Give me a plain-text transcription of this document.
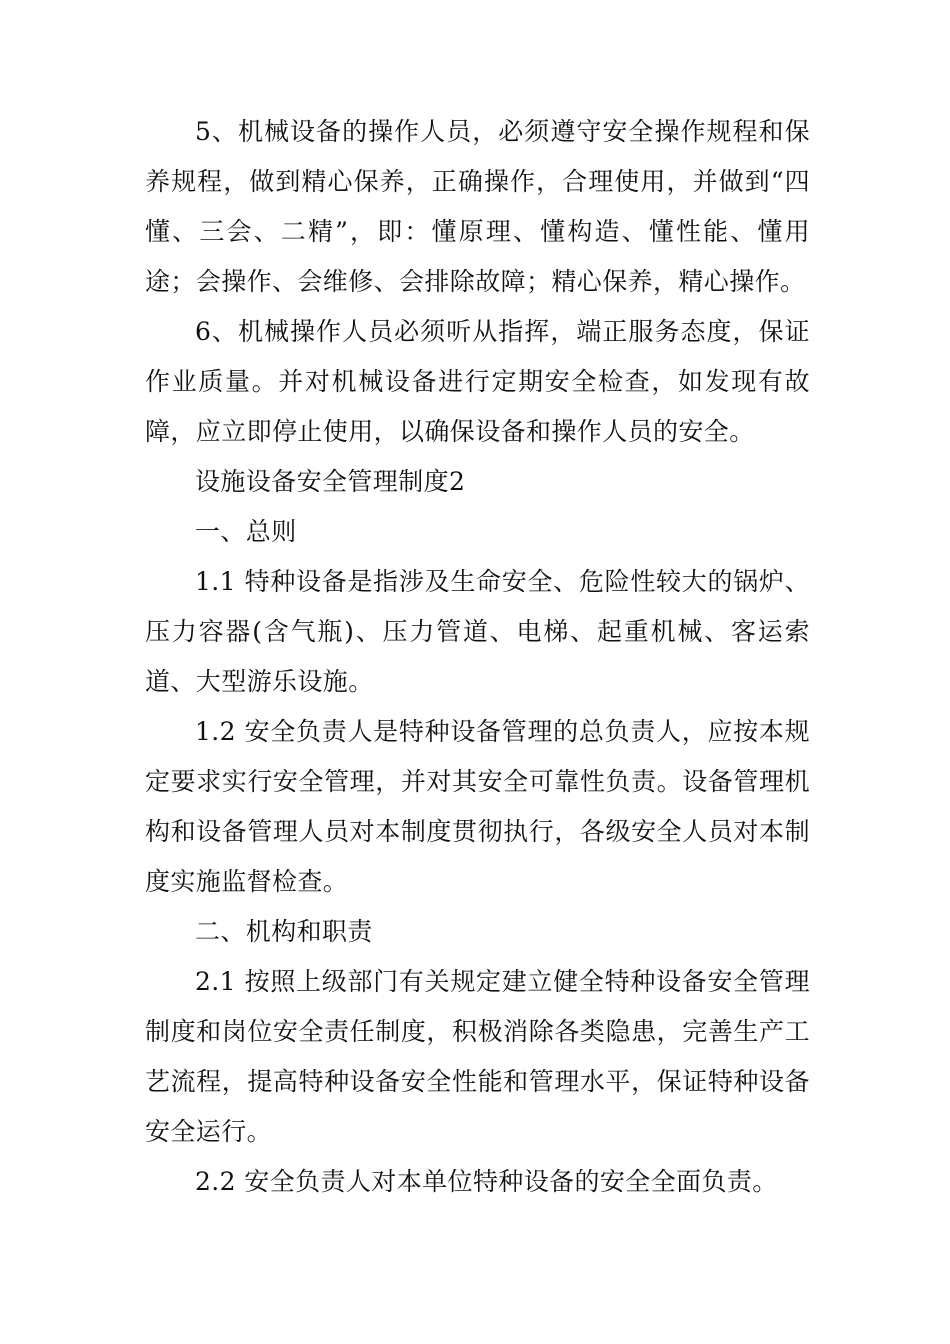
5、机械设备的操作人员，必须遵守安全操作规程和保养规程，做到精心保养，正确操作，合理使用，并做到“四懂、三会、二精”，即：懂原理、懂构造、懂性能、懂用途；会操作、会维修、会排除故障；精心保养，精心操作。

6、机械操作人员必须听从指挥，端正服务态度，保证作业质量。并对机械设备进行定期安全检查，如发现有故障，应立即停止使用，以确保设备和操作人员的安全。

设施设备安全管理制度2

一、总则

1.1 特种设备是指涉及生命安全、危险性较大的锅炉、压力容器(含气瓶)、压力管道、电梯、起重机械、客运索道、大型游乐设施。

1.2 安全负责人是特种设备管理的总负责人，应按本规定要求实行安全管理，并对其安全可靠性负责。设备管理机构和设备管理人员对本制度贯彻执行，各级安全人员对本制度实施监督检查。

二、机构和职责

2.1 按照上级部门有关规定建立健全特种设备安全管理制度和岗位安全责任制度，积极消除各类隐患，完善生产工艺流程，提高特种设备安全性能和管理水平，保证特种设备安全运行。

2.2 安全负责人对本单位特种设备的安全全面负责。
